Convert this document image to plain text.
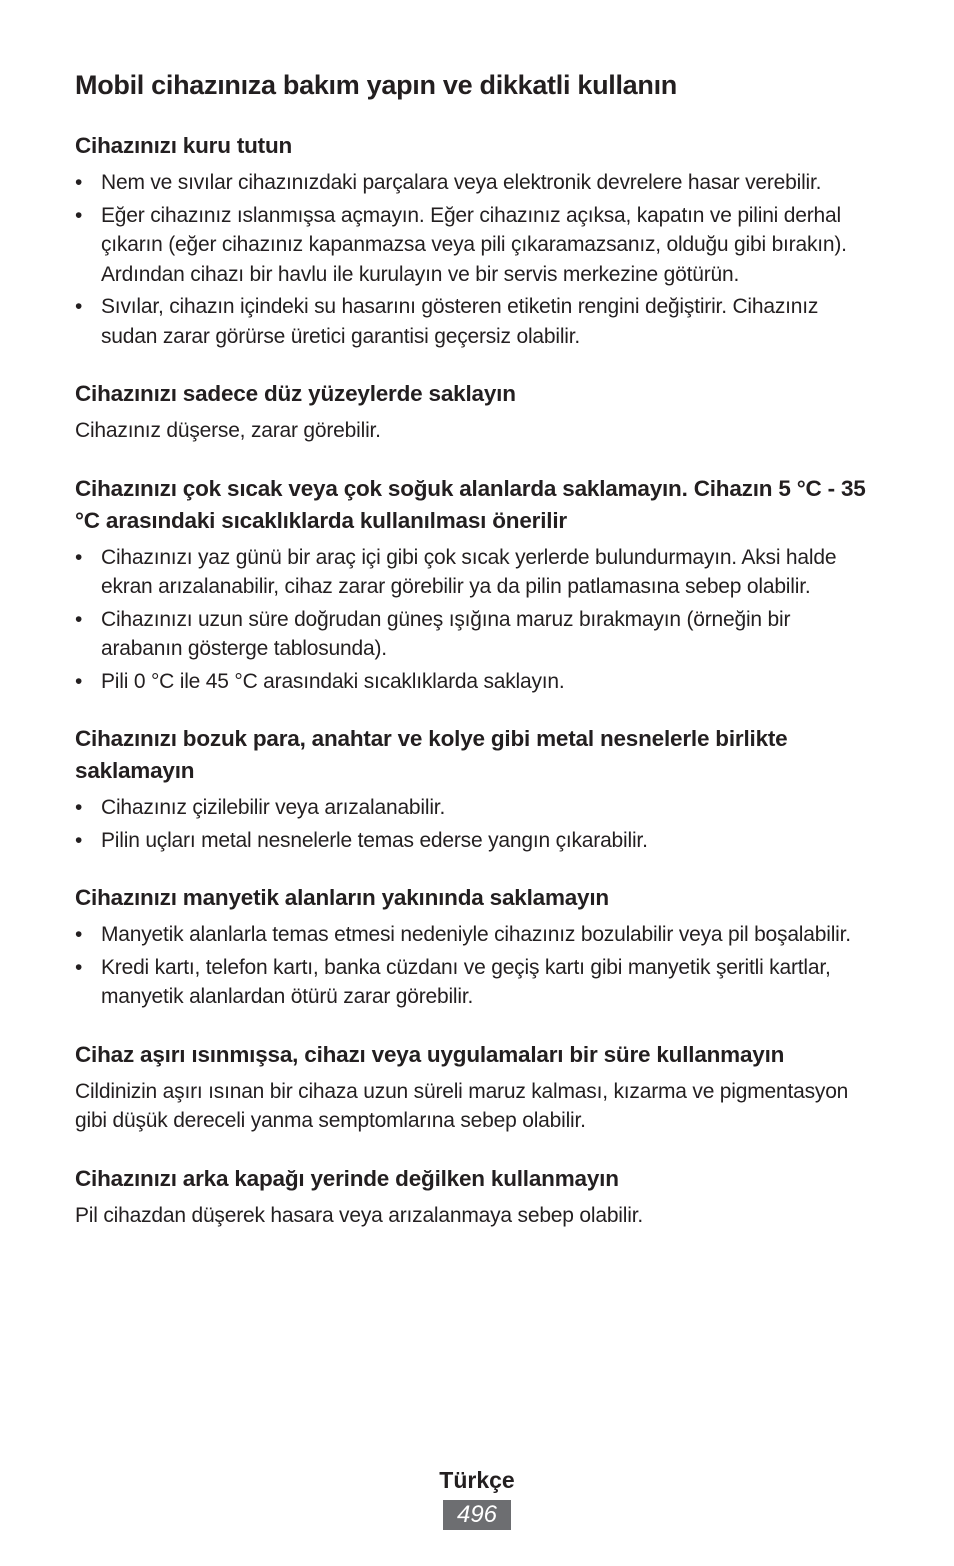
Mobil cihazınıza bakım yapın ve dikkatli kullanın
Cihazınızı kuru tutun
• Nem ve sıvılar cihazınızdaki parçalara veya elektronik devrelere hasar verebilir.
• Eğer cihazınız ıslanmışsa açmayın. Eğer cihazınız açıksa, kapatın ve pilini derhal çıkarın (eğer cihazınız kapanmazsa veya pili çıkaramazsanız, olduğu gibi bırakın). Ardından cihazı bir havlu ile kurulayın ve bir servis merkezine götürün.
• Sıvılar, cihazın içindeki su hasarını gösteren etiketin rengini değiştirir. Cihazınız sudan zarar görürse üretici garantisi geçersiz olabilir.
Cihazınızı sadece düz yüzeylerde saklayın

Cihazınız düşerse, zarar görebilir.

Cihazınızı çok sıcak veya çok soğuk alanlarda saklamayın. Cihazın 5 °C - 35 °C arasındaki sıcaklıklarda kullanılması önerilir
• Cihazınızı yaz günü bir araç içi gibi çok sıcak yerlerde bulundurmayın. Aksi halde ekran arızalanabilir, cihaz zarar görebilir ya da pilin patlamasına sebep olabilir.
• Cihazınızı uzun süre doğrudan güneş ışığına maruz bırakmayın (örneğin bir arabanın gösterge tablosunda).
• Pili 0 °C ile 45 °C arasındaki sıcaklıklarda saklayın.
Cihazınızı bozuk para, anahtar ve kolye gibi metal nesnelerle birlikte saklamayın
• Cihazınız çizilebilir veya arızalanabilir.
• Pilin uçları metal nesnelerle temas ederse yangın çıkarabilir.
Cihazınızı manyetik alanların yakınında saklamayın
• Manyetik alanlarla temas etmesi nedeniyle cihazınız bozulabilir veya pil boşalabilir.
• Kredi kartı, telefon kartı, banka cüzdanı ve geçiş kartı gibi manyetik şeritli kartlar, manyetik alanlardan ötürü zarar görebilir.
Cihaz aşırı ısınmışsa, cihazı veya uygulamaları bir süre kullanmayın

Cildinizin aşırı ısınan bir cihaza uzun süreli maruz kalması, kızarma ve pigmentasyon gibi düşük dereceli yanma semptomlarına sebep olabilir.

Cihazınızı arka kapağı yerinde değilken kullanmayın

Pil cihazdan düşerek hasara veya arızalanmaya sebep olabilir.

Türkçe
496
